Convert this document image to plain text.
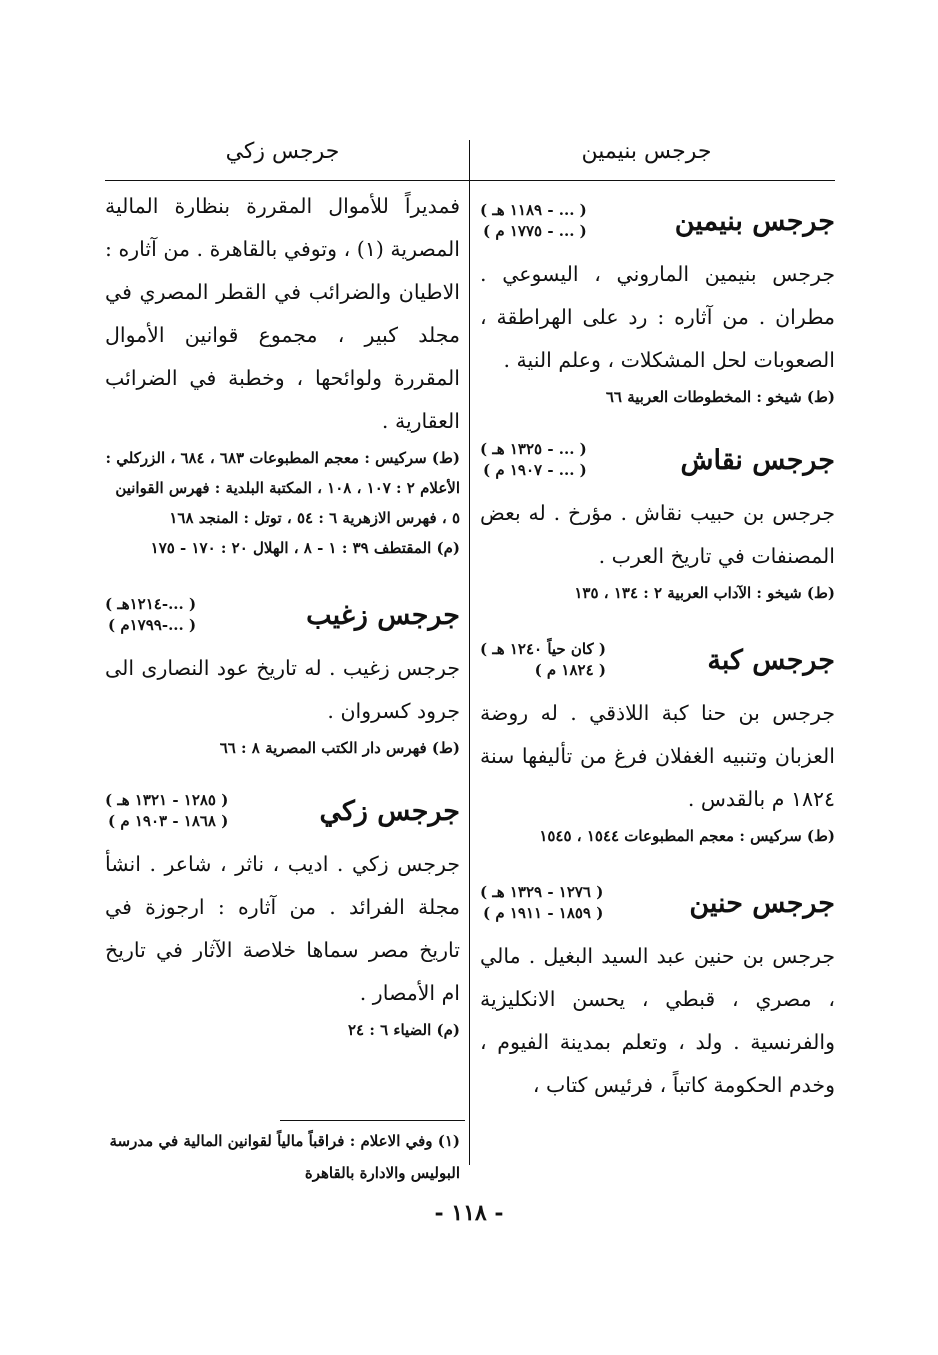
جرجس بنيمين
جرجس بنيمين
( ... - ١١٨٩ هـ )
( ... - ١٧٧٥ م )

جرجس بنيمين الماروني ، اليسوعي . مطران . من آثاره : رد على الهراطقة ، الصعوبات لحل المشكلات ، وعلم النية .

(ط) شيخو : المخطوطات العربية ٦٦

جرجس نقاش
( ... - ١٣٢٥ هـ )
( ... - ١٩٠٧ م )

جرجس بن حبيب نقاش . مؤرخ . له بعض المصنفات في تاريخ العرب .

(ط) شيخو : الآداب العربية ٢ : ١٣٤ ، ١٣٥

جرجس كبة
( كان حياً ١٢٤٠ هـ )
( ١٨٢٤ م )

جرجس بن حنا كبة اللاذقي . له روضة العزبان وتنبيه الغفلان فرغ من تأليفها سنة ١٨٢٤ م بالقدس .

(ط) سركيس : معجم المطبوعات ١٥٤٤ ، ١٥٤٥

جرجس حنين
( ١٢٧٦ - ١٣٢٩ هـ )
( ١٨٥٩ - ١٩١١ م )

جرجس بن حنين عبد السيد البغيل . مالي ، مصري ، قبطي ، يحسن الانكليزية والفرنسية . ولد ، وتعلم بمدينة الفيوم ، وخدم الحكومة كاتباً ، فرئيس كتاب ،

جرجس زكي

فمديراً للأموال المقررة بنظارة المالية المصرية (١) ، وتوفي بالقاهرة . من آثاره : الاطيان والضرائب في القطر المصري في مجلد كبير ، مجموع قوانين الأموال المقررة ولوائحها ، وخطبة في الضرائب العقارية .

(ط) سركيس : معجم المطبوعات ٦٨٣ ، ٦٨٤ ، الزركلي : الأعلام ٢ : ١٠٧ ، ١٠٨ ، المكتبة البلدية : فهرس القوانين ٥ ، فهرس الازهرية ٦ : ٥٤ ، توتل : المنجد ١٦٨

(م) المقتطف ٣٩ : ١ - ٨ ، الهلال ٢٠ : ١٧٠ - ١٧٥

جرجس زغيب
( ...-١٢١٤هـ )
( ...-١٧٩٩م )

جرجس زغيب . له تاريخ عود النصارى الى جرود كسروان .

(ط) فهرس دار الكتب المصرية ٨ : ٦٦

جرجس زكي
( ١٢٨٥ - ١٣٢١ هـ )
( ١٨٦٨ - ١٩٠٣ م )

جرجس زكي . اديب ، ناثر ، شاعر . انشأ مجلة الفرائد . من آثاره : ارجوزة في تاريخ مصر سماها خلاصة الآثار في تاريخ ام الأمصار .

(م) الضياء ٦ : ٢٤

(١) وفي الاعلام : فراقباً مالياً لقوانين المالية في مدرسة البوليس والادارة بالقاهرة
- ١١٨ -
